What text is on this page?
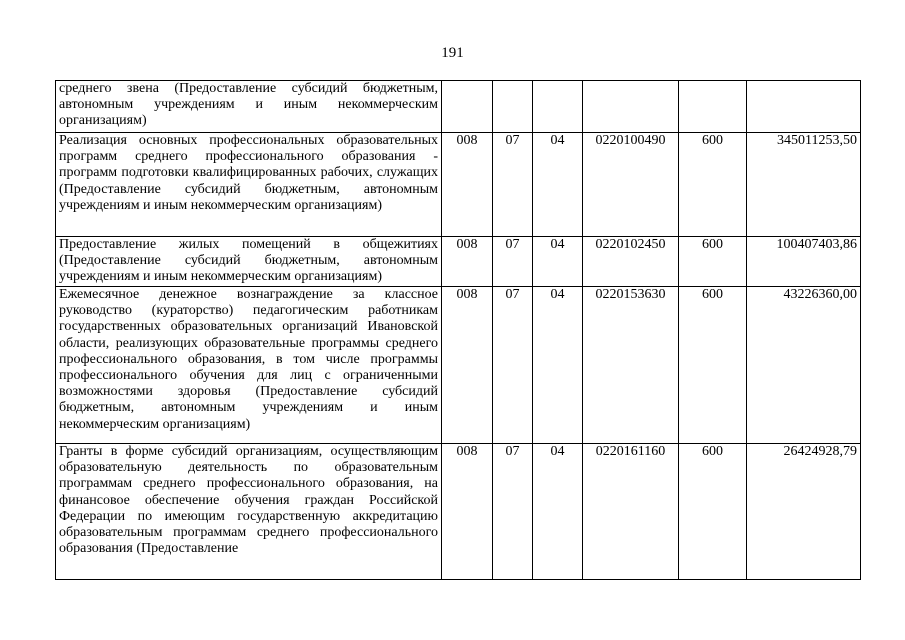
191
среднего звена (Предоставление субсидий бюджетным, автономным учреждениям и иным некоммерческим организациям)						
Реализация основных профессиональных образовательных программ среднего профессионального образования - программ подготовки квалифицированных рабочих, служащих (Предоставление субсидий бюджетным, автономным учреждениям и иным некоммерческим организациям)	008	07	04	0220100490	600	345011253,50
Предоставление жилых помещений в общежитиях (Предоставление субсидий бюджетным, автономным учреждениям и иным некоммерческим организациям)	008	07	04	0220102450	600	100407403,86
Ежемесячное денежное вознаграждение за классное руководство (кураторство) педагогическим работникам государственных образовательных организаций Ивановской области, реализующих образовательные программы среднего профессионального образования, в том числе программы профессионального обучения для лиц с ограниченными возможностями здоровья (Предоставление субсидий бюджетным, автономным учреждениям и иным некоммерческим организациям)	008	07	04	0220153630	600	43226360,00
Гранты в форме субсидий организациям, осуществляющим образовательную деятельность по образовательным программам среднего профессионального образования, на финансовое обеспечение обучения граждан Российской Федерации по имеющим государственную аккредитацию образовательным программам среднего профессионального образования (Предоставление	008	07	04	0220161160	600	26424928,79
